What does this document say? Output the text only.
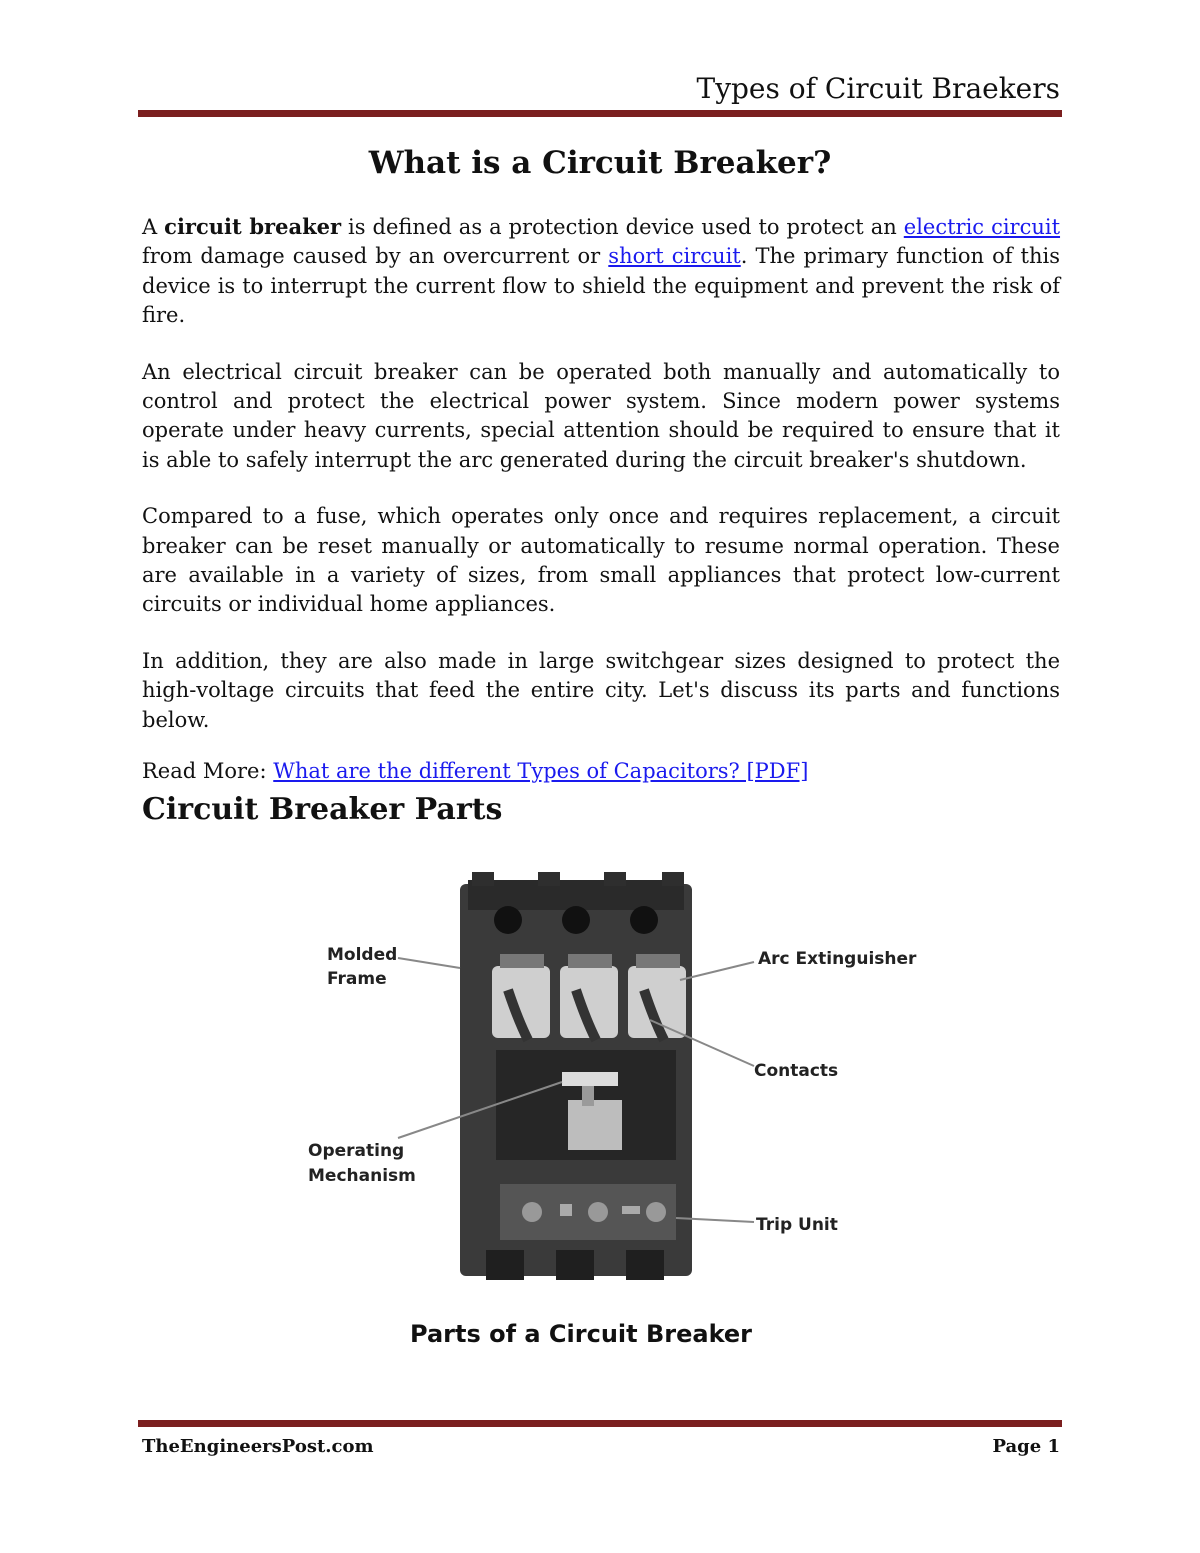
Types of Circuit Braekers
What is a Circuit Breaker?

A circuit breaker is defined as a protection device used to protect an electric circuit from damage caused by an overcurrent or short circuit. The primary function of this device is to interrupt the current flow to shield the equipment and prevent the risk of fire.

An electrical circuit breaker can be operated both manually and automatically to control and protect the electrical power system. Since modern power systems operate under heavy currents, special attention should be required to ensure that it is able to safely interrupt the arc generated during the circuit breaker's shutdown.

Compared to a fuse, which operates only once and requires replacement, a circuit breaker can be reset manually or automatically to resume normal operation. These are available in a variety of sizes, from small appliances that protect low-current circuits or individual home appliances.

In addition, they are also made in large switchgear sizes designed to protect the high-voltage circuits that feed the entire city. Let's discuss its parts and functions below.

Read More: What are the different Types of Capacitors? [PDF]

Circuit Breaker Parts
Molded
Frame
Arc Extinguisher
Contacts
Operating
Mechanism
Trip Unit
Parts of a Circuit Breaker
TheEngineersPost.com	Page 1
